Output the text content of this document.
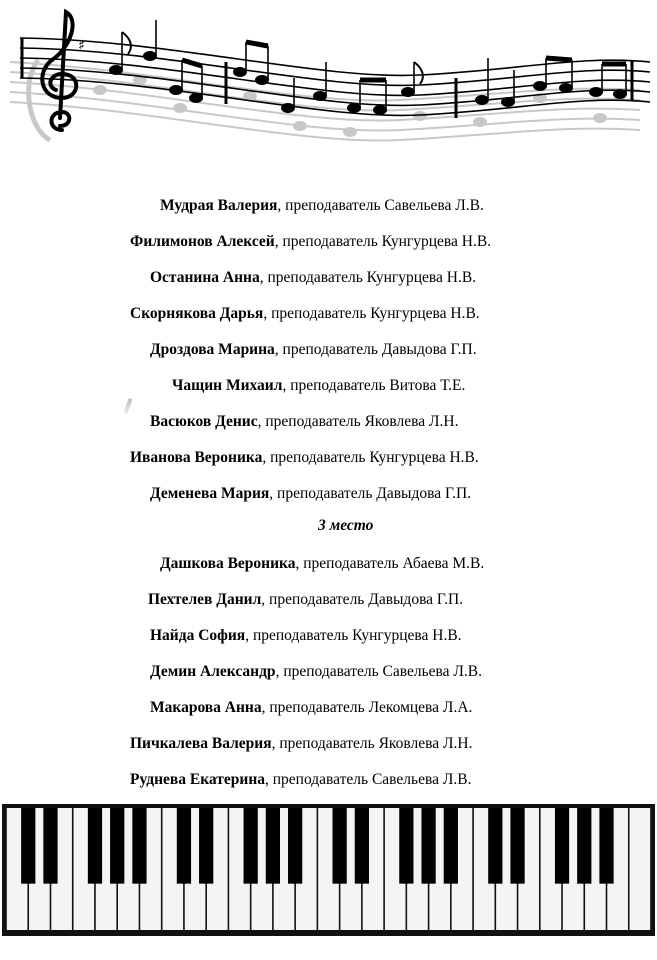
♯
Мудрая Валерия, преподаватель Савельева Л.В.
Филимонов Алексей, преподаватель Кунгурцева Н.В.
Останина Анна, преподаватель Кунгурцева Н.В.
Скорнякова Дарья, преподаватель Кунгурцева Н.В.
Дроздова Марина, преподаватель Давыдова Г.П.
Чащин Михаил, преподаватель Витова Т.Е.
Васюков Денис, преподаватель Яковлева Л.Н.
Иванова Вероника, преподаватель Кунгурцева Н.В.
Деменева Мария, преподаватель Давыдова Г.П.
3 место
Дашкова Вероника, преподаватель Абаева М.В.
Пехтелев Данил, преподаватель Давыдова Г.П.
Найда София, преподаватель Кунгурцева Н.В.
Демин Александр, преподаватель Савельева Л.В.
Макарова Анна, преподаватель Лекомцева Л.А.
Пичкалева Валерия, преподаватель Яковлева Л.Н.
Руднева Екатерина, преподаватель Савельева Л.В.
